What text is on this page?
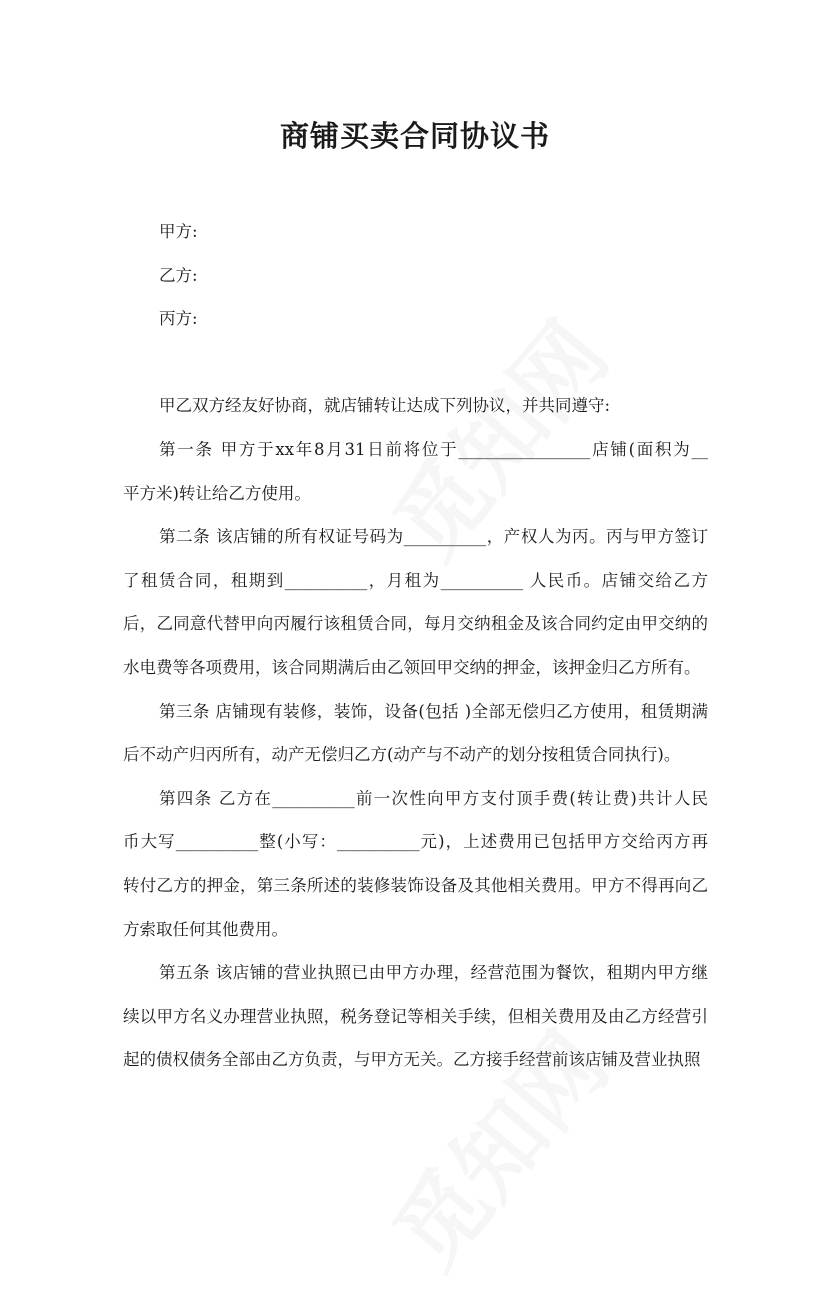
商铺买卖合同协议书
甲方:
乙方:
丙方:
甲乙双方经友好协商，就店铺转让达成下列协议，并共同遵守:
第一条 甲方于xx年8月31日前将位于________________店铺(面积为__
平方米)转让给乙方使用。
第二条 该店铺的所有权证号码为__________，产权人为丙。丙与甲方签订
了租赁合同，租期到__________，月租为__________ 人民币。店铺交给乙方
后，乙同意代替甲向丙履行该租赁合同，每月交纳租金及该合同约定由甲交纳的
水电费等各项费用，该合同期满后由乙领回甲交纳的押金，该押金归乙方所有。
第三条 店铺现有装修，装饰，设备(包括 )全部无偿归乙方使用，租赁期满
后不动产归丙所有，动产无偿归乙方(动产与不动产的划分按租赁合同执行)。
第四条 乙方在__________前一次性向甲方支付顶手费(转让费)共计人民
币大写__________整(小写：__________元)，上述费用已包括甲方交给丙方再
转付乙方的押金，第三条所述的装修装饰设备及其他相关费用。甲方不得再向乙
方索取任何其他费用。
第五条 该店铺的营业执照已由甲方办理，经营范围为餐饮，租期内甲方继
续以甲方名义办理营业执照，税务登记等相关手续，但相关费用及由乙方经营引
起的债权债务全部由乙方负责，与甲方无关。乙方接手经营前该店铺及营业执照
